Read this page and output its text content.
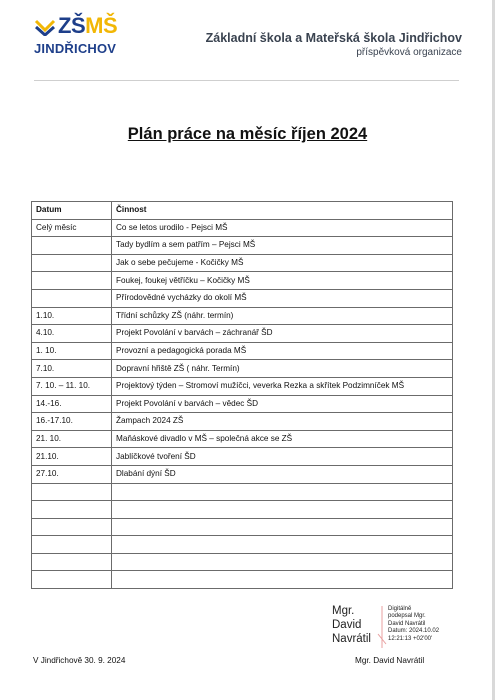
ZŠMŠ
JINDŘICHOV
Základní škola a Mateřská škola Jindřichov
příspěvková organizace
Plán práce na měsíc říjen 2024
Datum	Činnost
Celý měsíc	Co se letos urodilo - Pejsci MŠ
	Tady bydlím a sem patřím – Pejsci MŠ
	Jak o sebe pečujeme - Kočičky MŠ
	Foukej, foukej větříčku – Kočičky MŠ
	Přírodovědné vycházky do okolí MŠ
1.10.	Třídní schůzky ZŠ (náhr. termín)
4.10.	Projekt Povolání v barvách – záchranář ŠD
1. 10.	Provozní a pedagogická porada MŠ
7.10.	Dopravní hřiště ZŠ ( náhr. Termín)
7. 10. – 11. 10.	Projektový týden – Stromoví mužíčci, veverka Rezka a skřítek Podzimníček MŠ
14.-16.	Projekt Povolání v barvách – vědec ŠD
16.-17.10.	Žampach 2024 ZŠ
21. 10.	Maňáskové divadlo v MŠ – společná akce se ZŠ
21.10.	Jablíčkové tvoření ŠD
27.10.	Dlabání dýní ŠD

Mgr.
David
Navrátil
Digitálně
podepsal Mgr.
David Navrátil
Datum: 2024.10.02
12:21:13 +02'00'
V Jindřichově 30. 9. 2024	Mgr. David Navrátil
